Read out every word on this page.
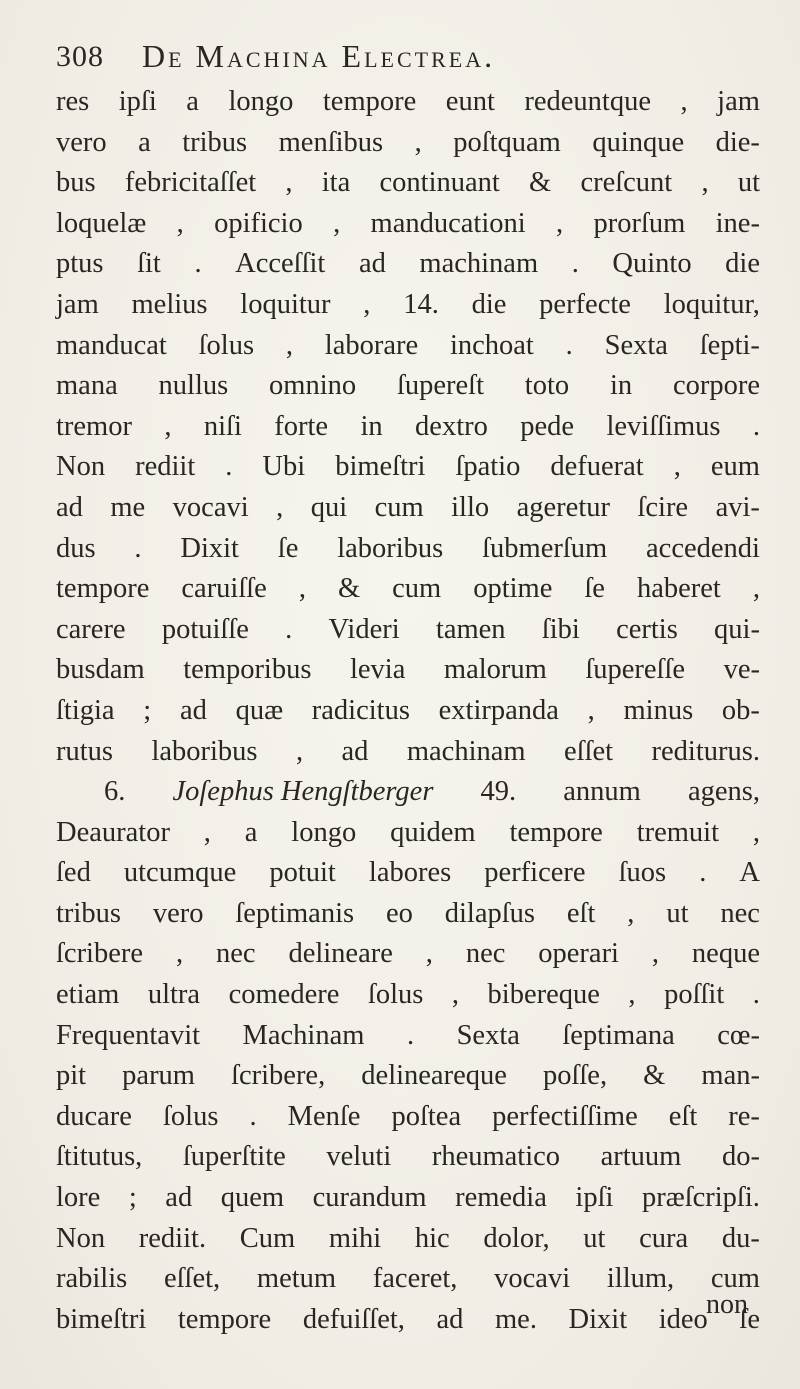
308 De Machina Electrea.
res ipſi a longo tempore eunt redeuntque , jam
vero a tribus menſibus , poſtquam quinque die-
bus febricitaſſet , ita continuant & creſcunt , ut
loquelæ , opificio , manducationi , prorſum ine-
ptus ſit . Acceſſit ad machinam . Quinto die
jam melius loquitur , 14. die perfecte loquitur,
manducat ſolus , laborare inchoat . Sexta ſepti-
mana nullus omnino ſupereſt toto in corpore
tremor , niſi forte in dextro pede leviſſimus .
Non rediit . Ubi bimeſtri ſpatio defuerat , eum
ad me vocavi , qui cum illo ageretur ſcire avi-
dus . Dixit ſe laboribus ſubmerſum accedendi
tempore caruiſſe , & cum optime ſe haberet ,
carere potuiſſe . Videri tamen ſibi certis qui-
busdam temporibus levia malorum ſupereſſe ve-
ſtigia ; ad quæ radicitus extirpanda , minus ob-
rutus laboribus , ad machinam eſſet rediturus.
6. Joſephus Hengſtberger 49. annum agens,
Deaurator , a longo quidem tempore tremuit ,
ſed utcumque potuit labores perficere ſuos . A
tribus vero ſeptimanis eo dilapſus eſt , ut nec
ſcribere , nec delineare , nec operari , neque
etiam ultra comedere ſolus , bibereque , poſſit .
Frequentavit Machinam . Sexta ſeptimana cœ-
pit parum ſcribere, delineareque poſſe, & man-
ducare ſolus . Menſe poſtea perfectiſſime eſt re-
ſtitutus, ſuperſtite veluti rheumatico artuum do-
lore ; ad quem curandum remedia ipſi præſcripſi.
Non rediit. Cum mihi hic dolor, ut cura du-
rabilis eſſet, metum faceret, vocavi illum, cum
bimeſtri tempore defuiſſet, ad me. Dixit ideo ſe
non
